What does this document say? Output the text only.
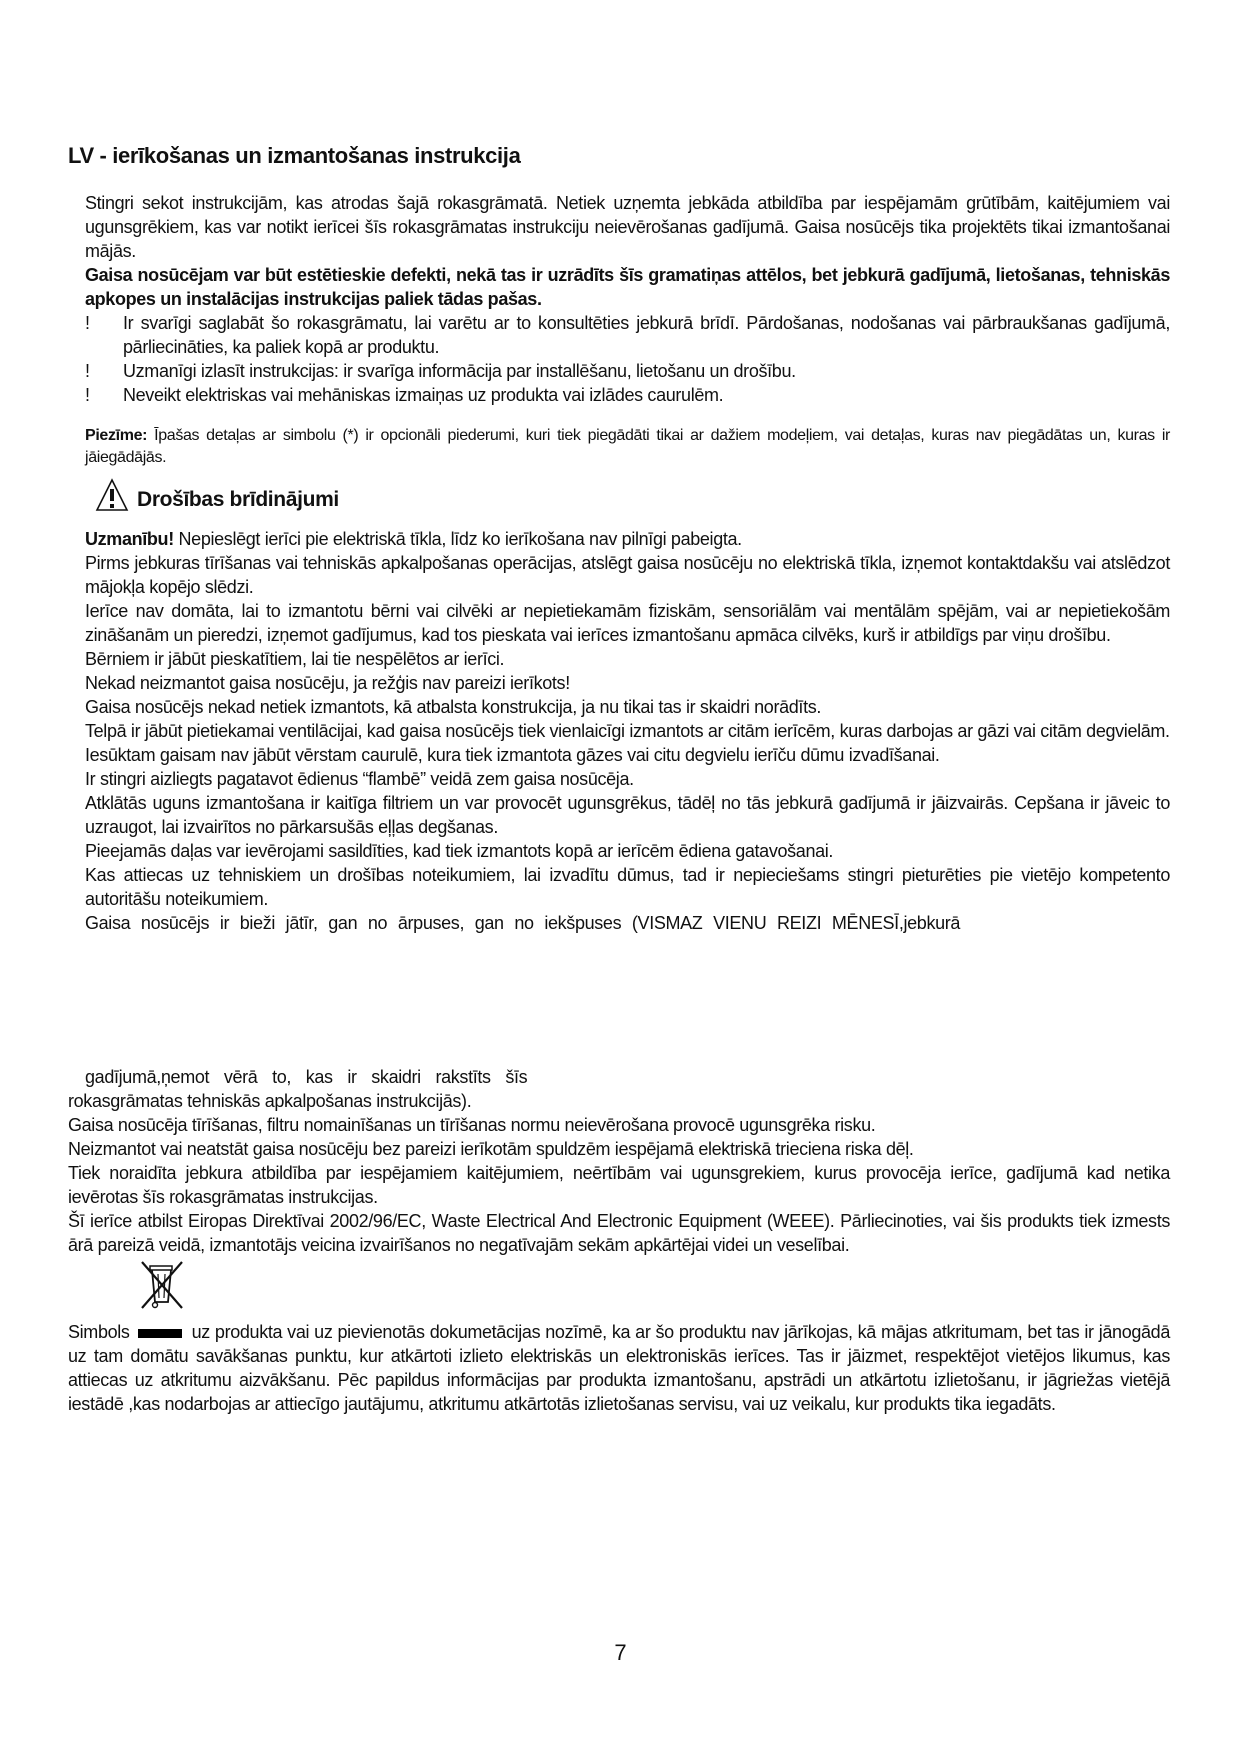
LV - ierīkošanas un izmantošanas instrukcija

Stingri sekot instrukcijām, kas atrodas šajā rokasgrāmatā. Netiek uzņemta jebkāda atbildība par iespējamām grūtībām, kaitējumiem vai ugunsgrēkiem, kas var notikt ierīcei šīs rokasgrāmatas instrukciju neievērošanas gadījumā. Gaisa nosūcējs tika projektēts tikai izmantošanai mājās.

Gaisa nosūcējam var būt estētieskie defekti, nekā tas ir uzrādīts šīs gramatiņas attēlos, bet jebkurā gadījumā, lietošanas, tehniskās apkopes un instalācijas instrukcijas paliek tādas pašas.

!	Ir svarīgi saglabāt šo rokasgrāmatu, lai varētu ar to konsultēties jebkurā brīdī. Pārdošanas, nodošanas vai pārbraukšanas gadījumā, pārliecināties, ka paliek kopā ar produktu.
!	Uzmanīgi izlasīt instrukcijas: ir svarīga informācija par installēšanu, lietošanu un drošību.
!	Neveikt elektriskas vai mehāniskas izmaiņas uz produkta vai izlādes caurulēm.
Piezīme: Īpašas detaļas ar simbolu (*) ir opcionāli piederumi, kuri tiek piegādāti tikai ar dažiem modeļiem, vai detaļas, kuras nav piegādātas un, kuras ir jāiegādājās.
Drošības brīdinājumi

Uzmanību! Nepieslēgt ierīci pie elektriskā tīkla, līdz ko ierīkošana nav pilnīgi pabeigta.

Pirms jebkuras tīrīšanas vai tehniskās apkalpošanas operācijas, atslēgt gaisa nosūcēju no elektriskā tīkla, izņemot kontaktdakšu vai atslēdzot mājokļa kopējo slēdzi.

Ierīce nav domāta, lai to izmantotu bērni vai cilvēki ar nepietiekamām fiziskām, sensoriālām vai mentālām spējām, vai ar nepietiekošām zināšanām un pieredzi, izņemot gadījumus, kad tos pieskata vai ierīces izmantošanu apmāca cilvēks, kurš ir atbildīgs par viņu drošību.

Bērniem ir jābūt pieskatītiem, lai tie nespēlētos ar ierīci.

Nekad neizmantot gaisa nosūcēju, ja režģis nav pareizi ierīkots!

Gaisa nosūcējs nekad netiek izmantots, kā atbalsta konstrukcija, ja nu tikai tas ir skaidri norādīts.

Telpā ir jābūt pietiekamai ventilācijai, kad gaisa nosūcējs tiek vienlaicīgi izmantots ar citām ierīcēm, kuras darbojas ar gāzi vai citām degvielām.

Iesūktam gaisam nav jābūt vērstam caurulē, kura tiek izmantota gāzes vai citu degvielu ierīču dūmu izvadīšanai.

Ir stingri aizliegts pagatavot ēdienus “flambē” veidā zem gaisa nosūcēja.

Atklātās uguns izmantošana ir kaitīga filtriem un var provocēt ugunsgrēkus, tādēļ no tās jebkurā gadījumā ir jāizvairās. Cepšana ir jāveic to uzraugot, lai izvairītos no pārkarsušās eļļas degšanas.

Pieejamās daļas var ievērojami sasildīties, kad tiek izmantots kopā ar ierīcēm ēdiena gatavošanai.

Kas attiecas uz tehniskiem un drošības noteikumiem, lai izvadītu dūmus, tad ir nepieciešams stingri pieturēties pie vietējo kompetento autoritāšu noteikumiem.

Gaisa nosūcējs ir bieži jātīr, gan no ārpuses, gan no iekšpuses (VISMAZ VIENU REIZI MĒNESĪ,jebkurā

gadījumā,ņemot vērā to, kas ir skaidri rakstīts šīs

rokasgrāmatas tehniskās apkalpošanas instrukcijās).

Gaisa nosūcēja tīrīšanas, filtru nomainīšanas un tīrīšanas normu neievērošana provocē ugunsgrēka risku.

Neizmantot vai neatstāt gaisa nosūcēju bez pareizi ierīkotām spuldzēm iespējamā elektriskā trieciena riska dēļ.

Tiek noraidīta jebkura atbildība par iespējamiem kaitējumiem, neērtībām vai ugunsgrekiem, kurus provocēja ierīce, gadījumā kad netika ievērotas šīs rokasgrāmatas instrukcijas.

Šī ierīce atbilst Eiropas Direktīvai 2002/96/EC, Waste Electrical And Electronic Equipment (WEEE). Pārliecinoties, vai šis produkts tiek izmests ārā pareizā veidā, izmantotājs veicina izvairīšanos no negatīvajām sekām apkārtējai videi un veselībai.

Simbols	uz produkta vai uz pievienotās dokumetācijas nozīmē, ka ar šo produktu nav jārīkojas, kā mājas atkritumam, bet tas ir jānogādā uz tam domātu savākšanas punktu, kur atkārtoti izlieto elektriskās un elektroniskās ierīces. Tas ir jāizmet, respektējot vietējos likumus, kas attiecas uz atkritumu aizvākšanu. Pēc papildus informācijas par produkta izmantošanu, apstrādi un atkārtotu izlietošanu, ir jāgriežas vietējā iestādē ,kas nodarbojas ar attiecīgo jautājumu, atkritumu atkārtotās izlietošanas servisu, vai uz veikalu, kur produkts tika iegadāts.
7
